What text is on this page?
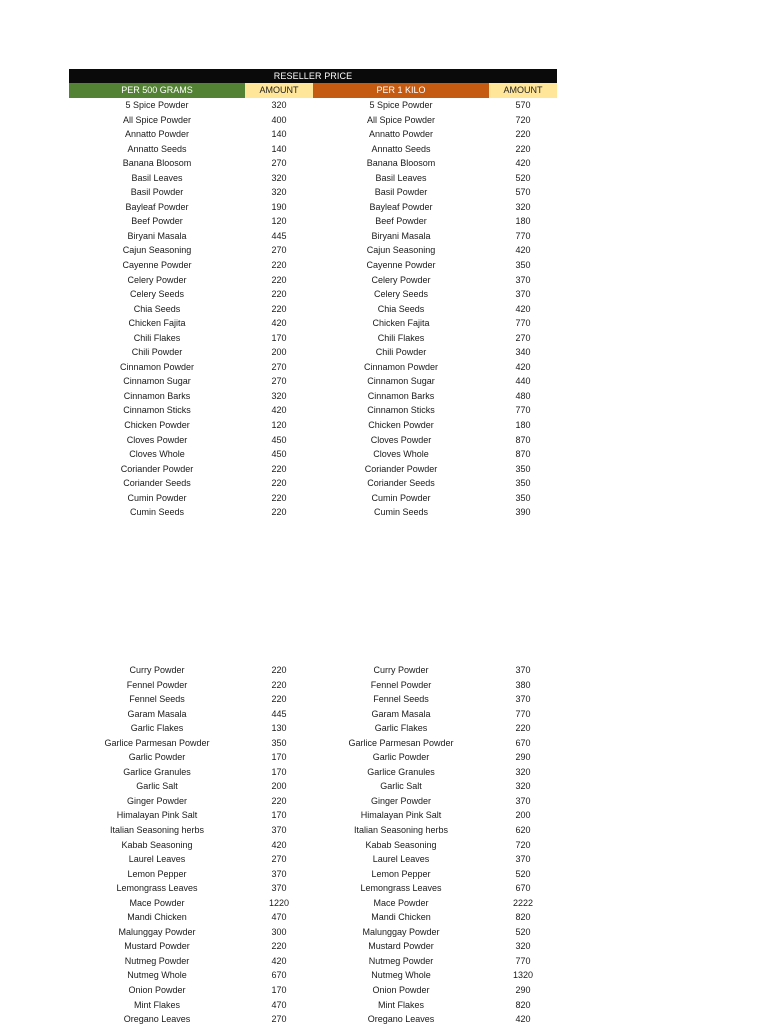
RESELLER PRICE
PER 500 GRAMS	AMOUNT	PER 1 KILO	AMOUNT
5 Spice Powder	320	5 Spice Powder	570
All Spice Powder	400	All Spice Powder	720
Annatto Powder	140	Annatto Powder	220
Annatto Seeds	140	Annatto Seeds	220
Banana Bloosom	270	Banana Bloosom	420
Basil Leaves	320	Basil Leaves	520
Basil Powder	320	Basil Powder	570
Bayleaf Powder	190	Bayleaf Powder	320
Beef Powder	120	Beef Powder	180
Biryani Masala	445	Biryani Masala	770
Cajun Seasoning	270	Cajun Seasoning	420
Cayenne Powder	220	Cayenne Powder	350
Celery Powder	220	Celery Powder	370
Celery Seeds	220	Celery Seeds	370
Chia Seeds	220	Chia Seeds	420
Chicken Fajita	420	Chicken Fajita	770
Chili Flakes	170	Chili Flakes	270
Chili Powder	200	Chili Powder	340
Cinnamon Powder	270	Cinnamon Powder	420
Cinnamon Sugar	270	Cinnamon Sugar	440
Cinnamon Barks	320	Cinnamon Barks	480
Cinnamon Sticks	420	Cinnamon Sticks	770
Chicken Powder	120	Chicken Powder	180
Cloves Powder	450	Cloves Powder	870
Cloves Whole	450	Cloves Whole	870
Coriander Powder	220	Coriander Powder	350
Coriander Seeds	220	Coriander Seeds	350
Cumin Powder	220	Cumin Powder	350
Cumin Seeds	220	Cumin Seeds	390
Curry Powder	220	Curry Powder	370
Fennel Powder	220	Fennel Powder	380
Fennel Seeds	220	Fennel Seeds	370
Garam Masala	445	Garam Masala	770
Garlic Flakes	130	Garlic Flakes	220
Garlice Parmesan Powder	350	Garlice Parmesan Powder	670
Garlic Powder	170	Garlic Powder	290
Garlice Granules	170	Garlice Granules	320
Garlic Salt	200	Garlic Salt	320
Ginger Powder	220	Ginger Powder	370
Himalayan Pink Salt	170	Himalayan Pink Salt	200
Italian Seasoning herbs	370	Italian Seasoning herbs	620
Kabab Seasoning	420	Kabab Seasoning	720
Laurel Leaves	270	Laurel Leaves	370
Lemon Pepper	370	Lemon Pepper	520
Lemongrass Leaves	370	Lemongrass Leaves	670
Mace Powder	1220	Mace Powder	2222
Mandi Chicken	470	Mandi Chicken	820
Malunggay Powder	300	Malunggay Powder	520
Mustard Powder	220	Mustard Powder	320
Nutmeg Powder	420	Nutmeg Powder	770
Nutmeg Whole	670	Nutmeg Whole	1320
Onion Powder	170	Onion Powder	290
Mint Flakes	470	Mint Flakes	820
Oregano Leaves	270	Oregano Leaves	420
